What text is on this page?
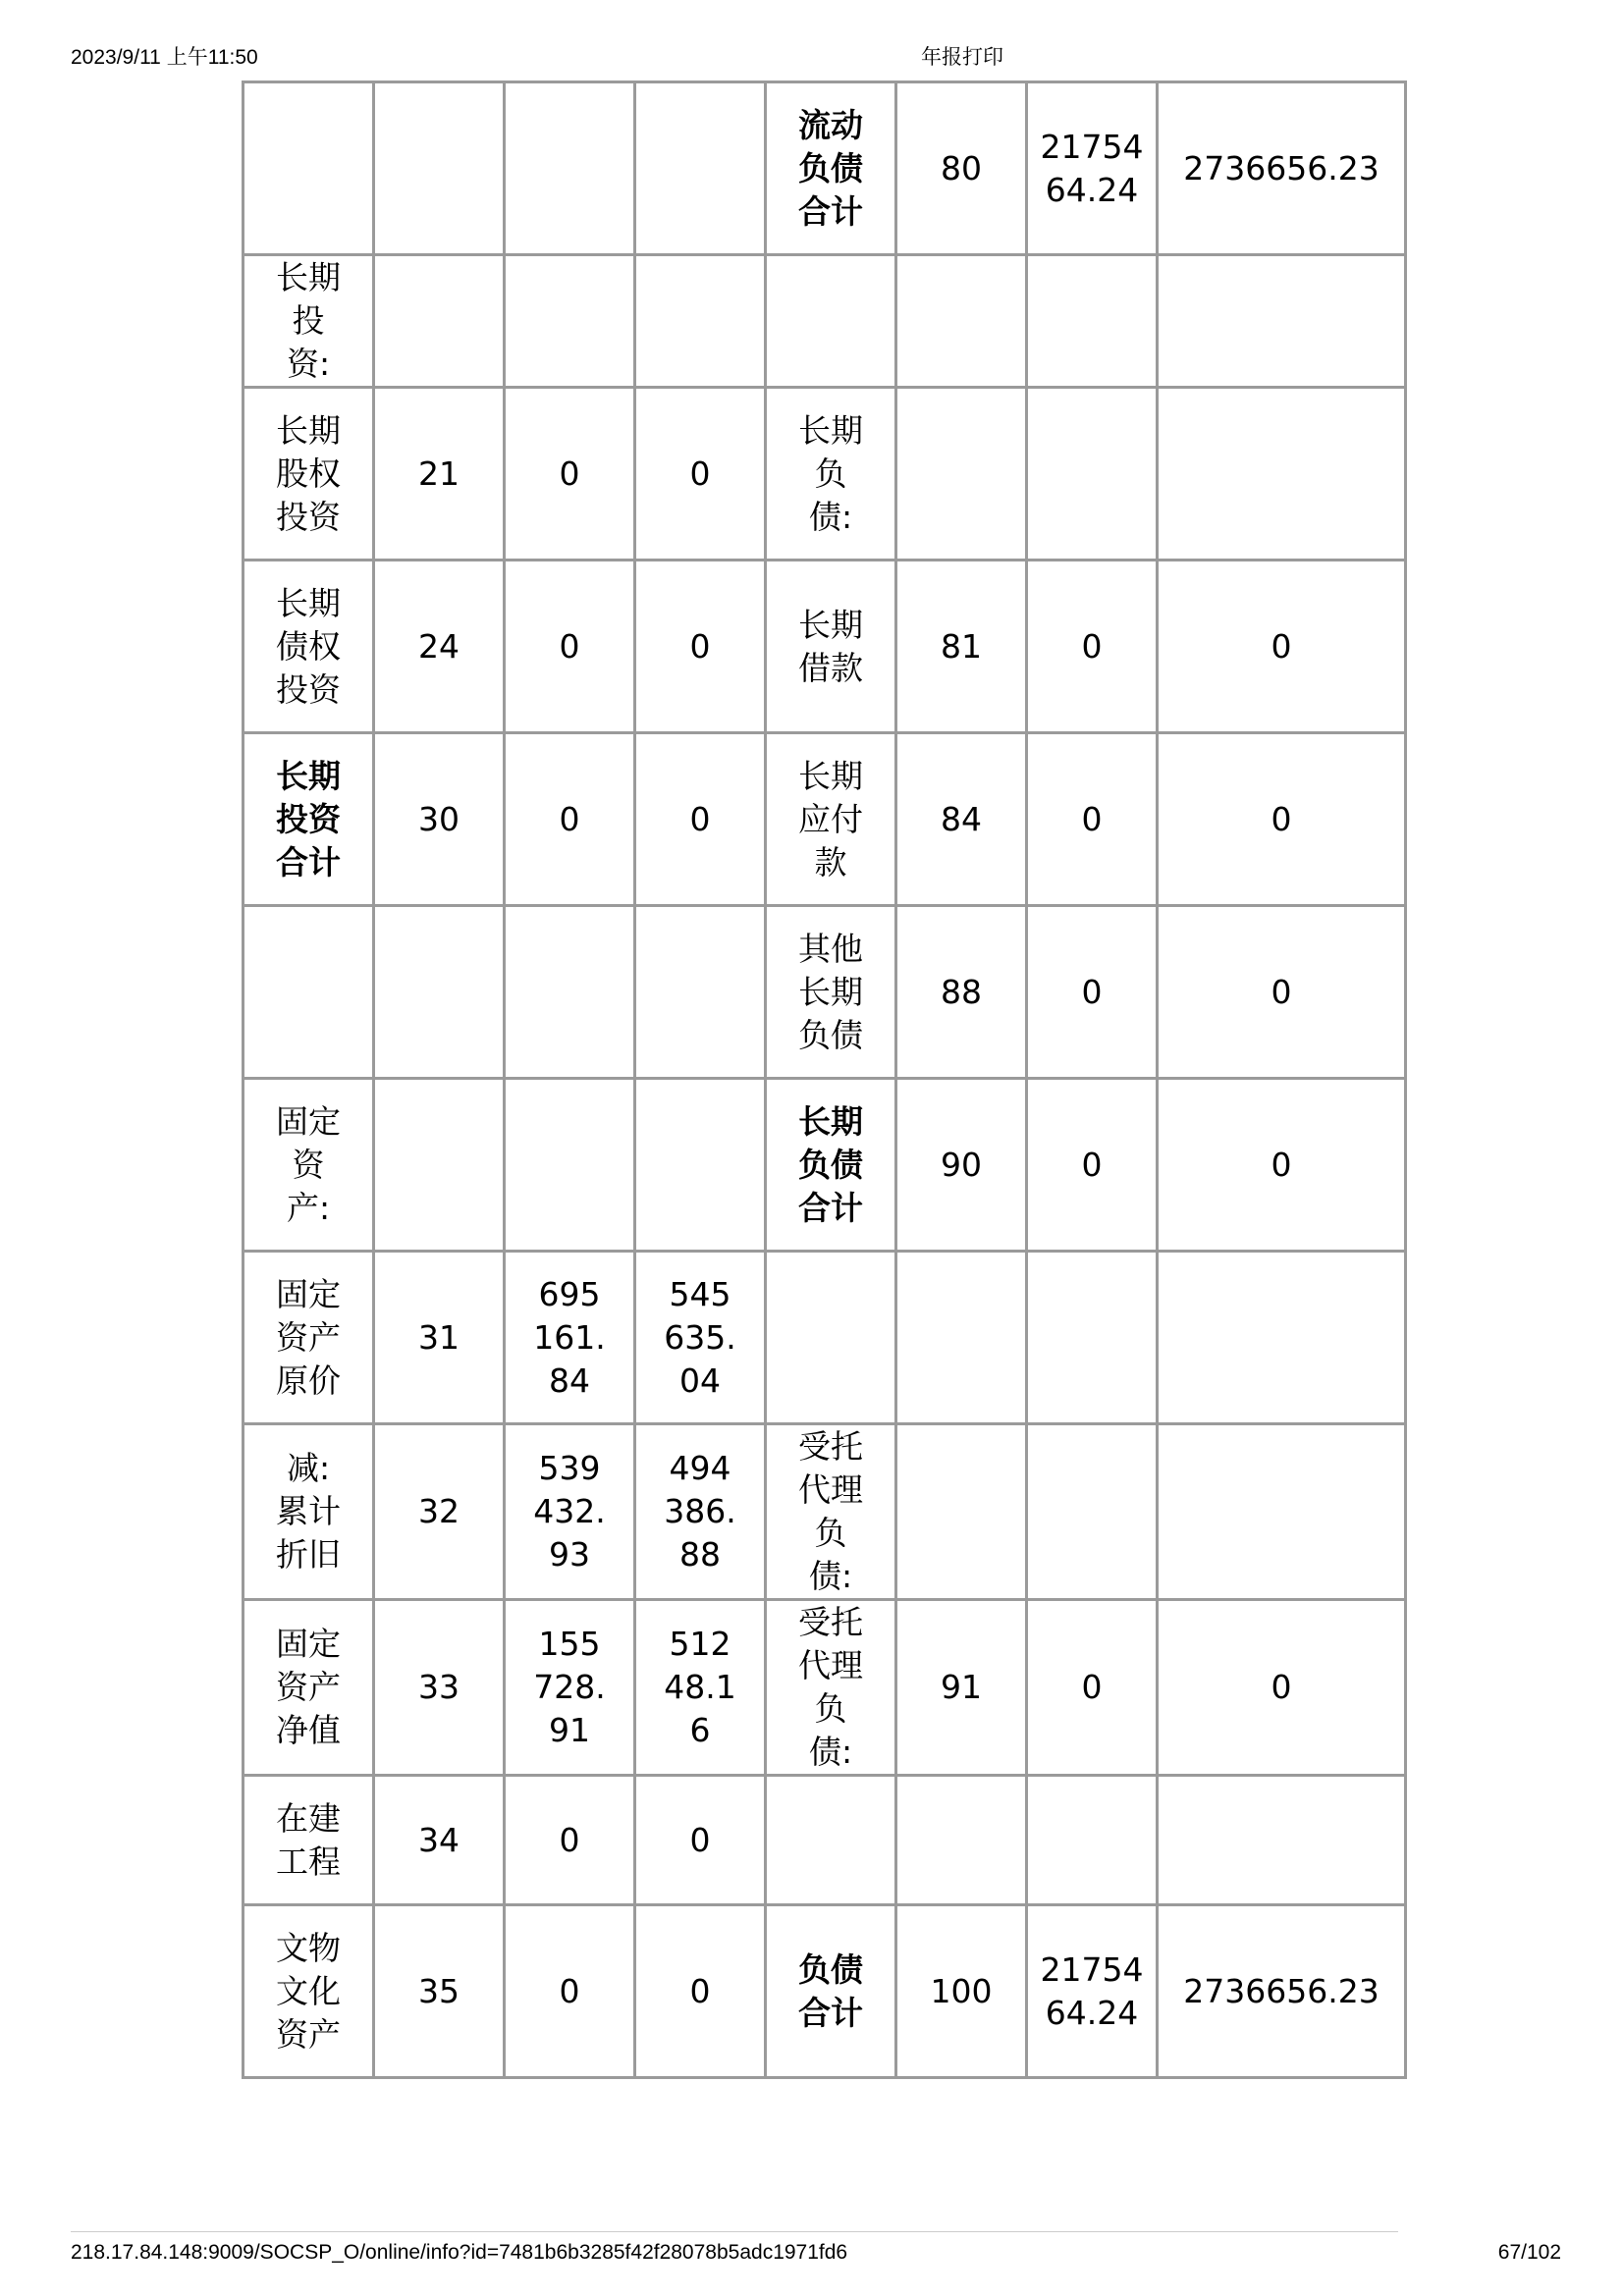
2023/9/11 上午11:50	年报打印
				流动负债合计	80	2175464.24	2736656.23
长期投资:							
长期股权投资	21	0	0	长期负债:			
长期债权投资	24	0	0	长期借款	81	0	0
长期投资合计	30	0	0	长期应付款	84	0	0
				其他长期负债	88	0	0
固定资产:				长期负债合计	90	0	0
固定资产原价	31	695161.84	545635.04				
减:累计折旧	32	539432.93	494386.88	受托代理负债:			
固定资产净值	33	155728.91	51248.16	受托代理负债:	91	0	0
在建工程	34	0	0				
文物文化资产	35	0	0	负债合计	100	2175464.24	2736656.23
218.17.84.148:9009/SOCSP_O/online/info?id=7481b6b3285f42f28078b5adc1971fd6	67/102
